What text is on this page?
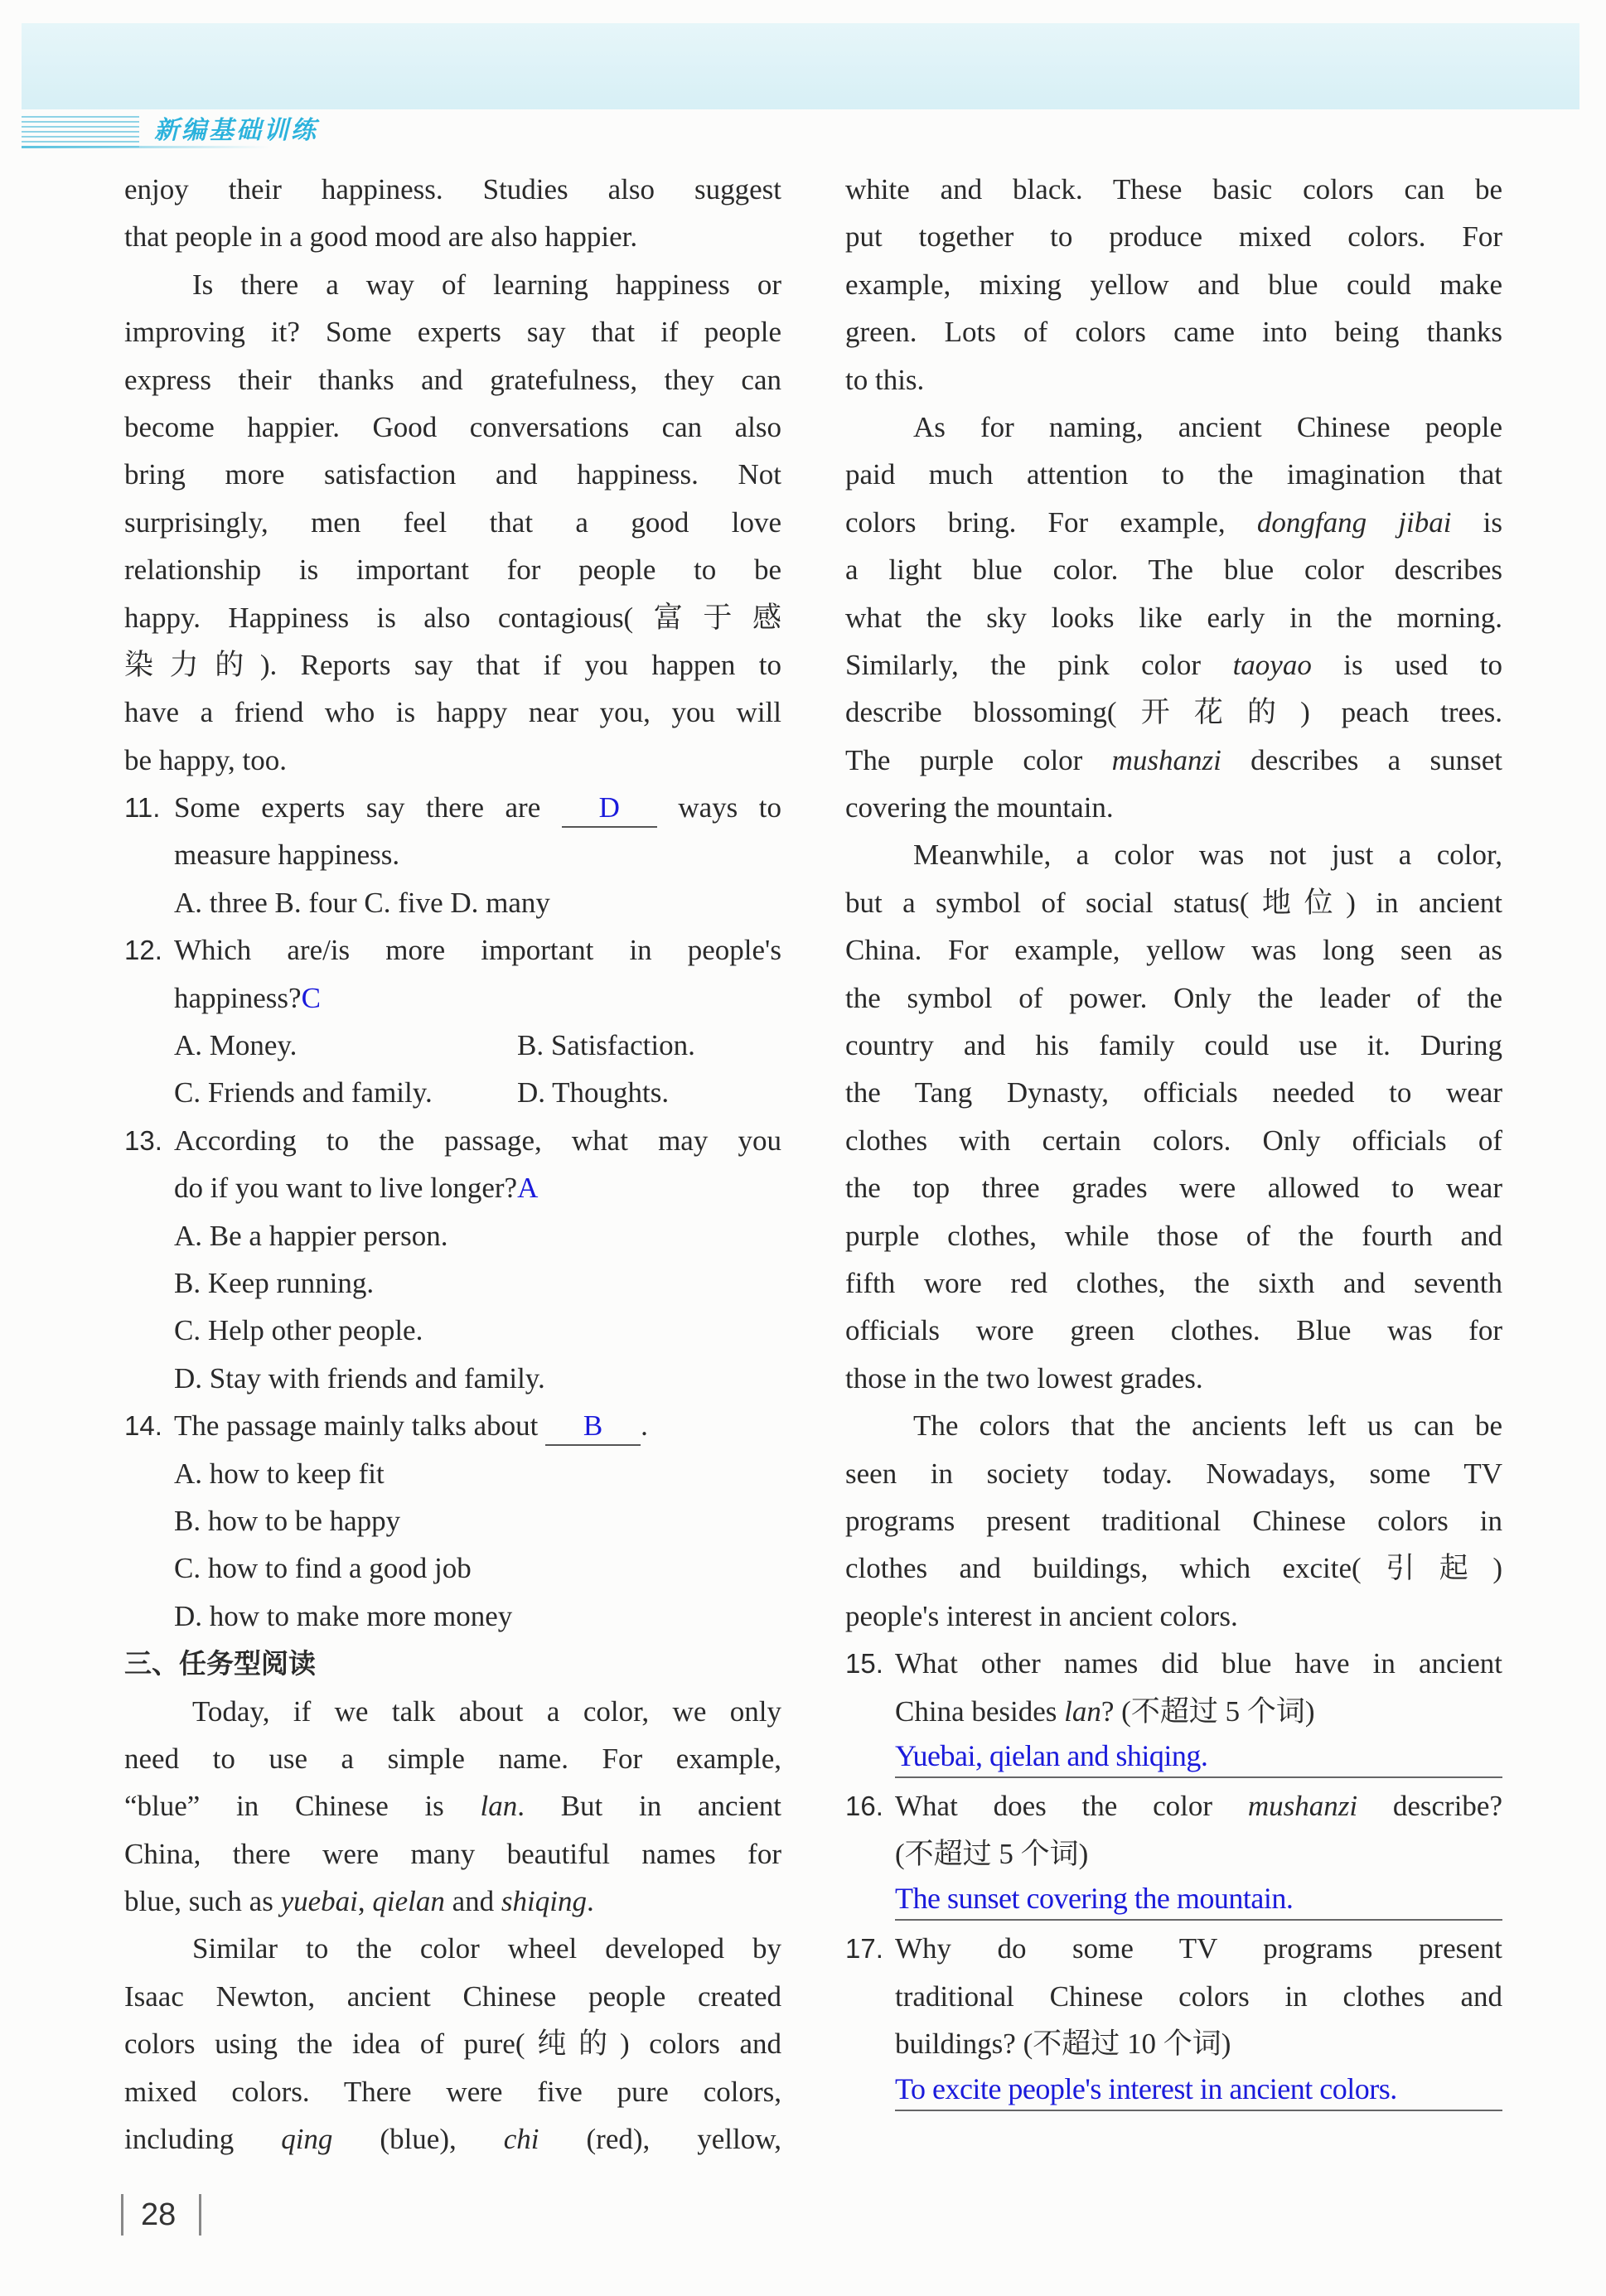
新编基础训练
enjoy their happiness. Studies also suggest
that people in a good mood are also happier.
Is there a way of learning happiness or
improving it? Some experts say that if people
express their thanks and gratefulness, they can
become happier. Good conversations can also
bring more satisfaction and happiness. Not
surprisingly, men feel that a good love
relationship is important for people to be
happy. Happiness is also contagious(富于感
染力的). Reports say that if you happen to
have a friend who is happy near you, you will
be happy, too.
11. Some experts say there are D ways to
measure happiness.
A. three B. four C. five D. many
12. Which are/is more important in people's
happiness?C
A. Money.	B. Satisfaction.
C. Friends and family.	D. Thoughts.
13. According to the passage, what may you
do if you want to live longer?A
A. Be a happier person.
B. Keep running.
C. Help other people.
D. Stay with friends and family.
14. The passage mainly talks about B .
A. how to keep fit
B. how to be happy
C. how to find a good job
D. how to make more money
三、任务型阅读
Today, if we talk about a color, we only
need to use a simple name. For example,
“blue” in Chinese is lan. But in ancient
China, there were many beautiful names for
blue, such as yuebai, qielan and shiqing.
Similar to the color wheel developed by
Isaac Newton, ancient Chinese people created
colors using the idea of pure(纯的) colors and
mixed colors. There were five pure colors,
including qing (blue), chi (red), yellow,
white and black. These basic colors can be
put together to produce mixed colors. For
example, mixing yellow and blue could make
green. Lots of colors came into being thanks
to this.
As for naming, ancient Chinese people
paid much attention to the imagination that
colors bring. For example, dongfang jibai is
a light blue color. The blue color describes
what the sky looks like early in the morning.
Similarly, the pink color taoyao is used to
describe blossoming(开花的) peach trees.
The purple color mushanzi describes a sunset
covering the mountain.
Meanwhile, a color was not just a color,
but a symbol of social status(地位) in ancient
China. For example, yellow was long seen as
the symbol of power. Only the leader of the
country and his family could use it. During
the Tang Dynasty, officials needed to wear
clothes with certain colors. Only officials of
the top three grades were allowed to wear
purple clothes, while those of the fourth and
fifth wore red clothes, the sixth and seventh
officials wore green clothes. Blue was for
those in the two lowest grades.
The colors that the ancients left us can be
seen in society today. Nowadays, some TV
programs present traditional Chinese colors in
clothes and buildings, which excite(引起)
people's interest in ancient colors.
15. What other names did blue have in ancient
China besides lan? (不超过 5 个词)
Yuebai, qielan and shiqing.
16. What does the color mushanzi describe?
(不超过 5 个词)
The sunset covering the mountain.
17. Why do some TV programs present
traditional Chinese colors in clothes and
buildings? (不超过 10 个词)
To excite people's interest in ancient colors.
28
